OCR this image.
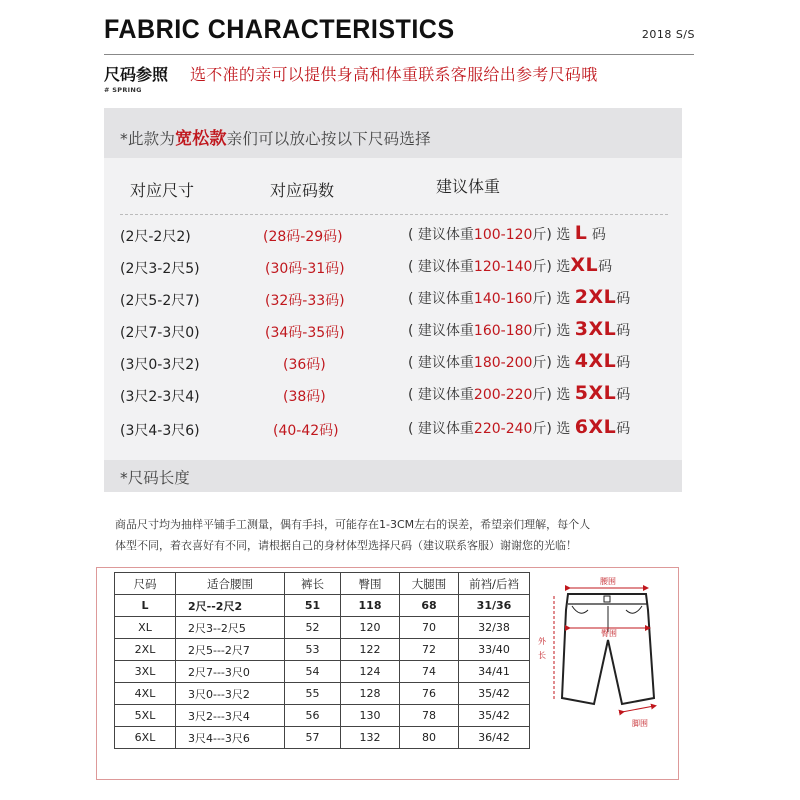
FABRIC CHARACTERISTICS	2018 S/S
尺码参照 选不准的亲可以提供身高和体重联系客服给出参考尺码哦
# SPRING
*此款为宽松款亲们可以放心按以下尺码选择
对应尺寸	对应码数	建议体重
(2尺-2尺2)	(28码-29码)	( 建议体重100-120斤) 选 L 码
(2尺3-2尺5)	(30码-31码)	( 建议体重120-140斤) 选XL码
(2尺5-2尺7)	(32码-33码)	( 建议体重140-160斤) 选 2XL码
(2尺7-3尺0)	(34码-35码)	( 建议体重160-180斤) 选 3XL码
(3尺0-3尺2)	(36码)	( 建议体重180-200斤) 选 4XL码
(3尺2-3尺4)	(38码)	( 建议体重200-220斤) 选 5XL码
(3尺4-3尺6)	(40-42码)	( 建议体重220-240斤) 选 6XL码
*尺码长度
商品尺寸均为抽样平铺手工测量，偶有手抖，可能存在1-3CM左右的误差，希望亲们理解，每个人
体型不同，着衣喜好有不同，请根据自己的身材体型选择尺码（建议联系客服）谢谢您的光临！
尺码	适合腰围	裤长	臀围	大腿围	前裆/后裆
L	2尺--2尺2	51	118	68	31/36
XL	2尺3--2尺5	52	120	70	32/38
2XL	2尺5---2尺7	53	122	72	33/40
3XL	2尺7---3尺0	54	124	74	34/41
4XL	3尺0---3尺2	55	128	76	35/42
5XL	3尺2---3尺4	56	130	78	35/42
6XL	3尺4---3尺6	57	132	80	36/42
腰围
臀围
外
长
脚围
